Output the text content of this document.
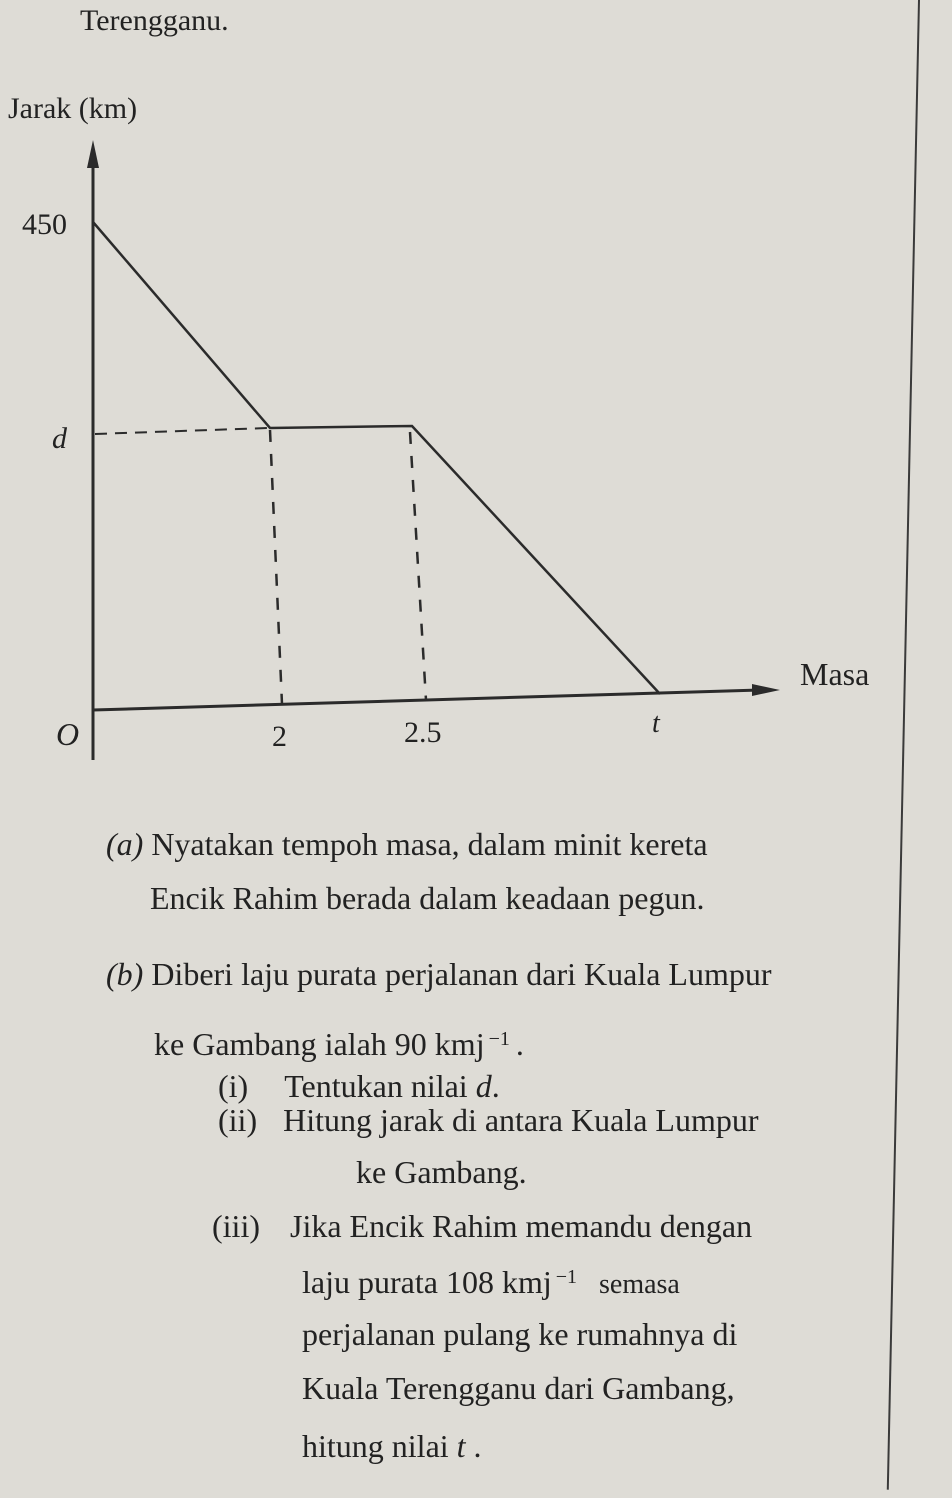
Terengganu.
Jarak (km)
450
d
O	2	2.5	t
Masa
(a) Nyatakan tempoh masa, dalam minit kereta
Encik Rahim berada dalam keadaan pegun.
(b) Diberi laju purata perjalanan dari Kuala Lumpur
ke Gambang ialah 90 kmj $^{-1}$ .
(i) Tentukan nilai d.
(ii) Hitung jarak di antara Kuala Lumpur
ke Gambang.
(iii) Jika Encik Rahim memandu dengan
laju purata 108 kmj $^{-1}$ semasa
perjalanan pulang ke rumahnya di
Kuala Terengganu dari Gambang,
hitung nilai t .
